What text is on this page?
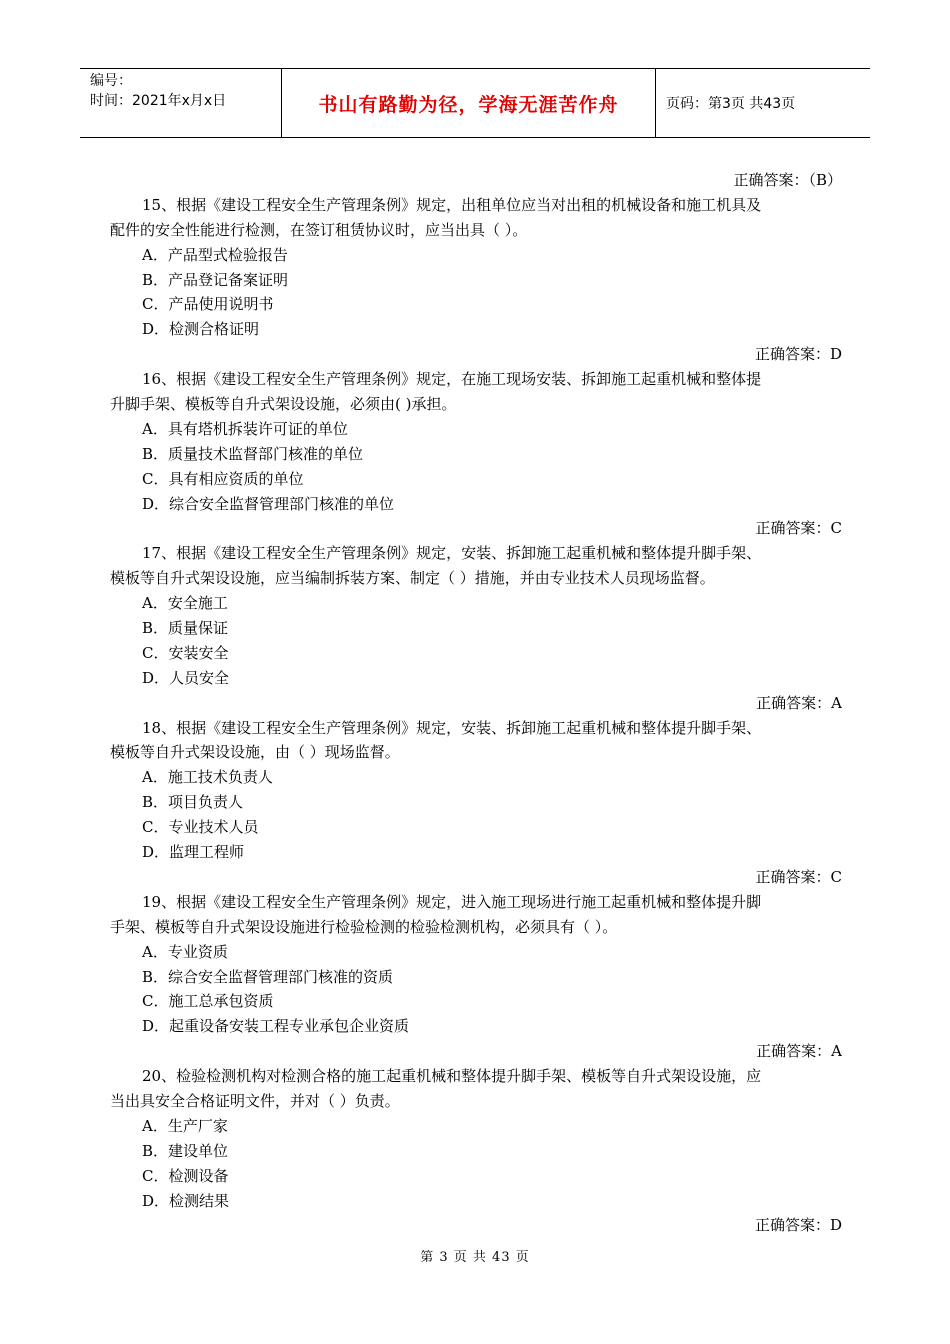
编号：
时间：2021年x月x日	书山有路勤为径，学海无涯苦作舟	页码：第3页 共43页
正确答案：（B）
15、根据《建设工程安全生产管理条例》规定，出租单位应当对出租的机械设备和施工机具及
配件的安全性能进行检测，在签订租赁协议时，应当出具（ ）。
A．产品型式检验报告
B．产品登记备案证明
C．产品使用说明书
D．检测合格证明
正确答案：D
16、根据《建设工程安全生产管理条例》规定，在施工现场安装、拆卸施工起重机械和整体提
升脚手架、模板等自升式架设设施，必须由( )承担。
A．具有塔机拆装许可证的单位
B．质量技术监督部门核准的单位
C．具有相应资质的单位
D．综合安全监督管理部门核准的单位
正确答案：C
17、根据《建设工程安全生产管理条例》规定，安装、拆卸施工起重机械和整体提升脚手架、
模板等自升式架设设施，应当编制拆装方案、制定（ ）措施，并由专业技术人员现场监督。
A．安全施工
B．质量保证
C．安装安全
D．人员安全
正确答案：A
18、根据《建设工程安全生产管理条例》规定，安装、拆卸施工起重机械和整体提升脚手架、
模板等自升式架设设施，由（ ）现场监督。
A．施工技术负责人
B．项目负责人
C．专业技术人员
D．监理工程师
正确答案：C
19、根据《建设工程安全生产管理条例》规定，进入施工现场进行施工起重机械和整体提升脚
手架、模板等自升式架设设施进行检验检测的检验检测机构，必须具有（ ）。
A．专业资质
B．综合安全监督管理部门核准的资质
C．施工总承包资质
D．起重设备安装工程专业承包企业资质
正确答案：A
20、检验检测机构对检测合格的施工起重机械和整体提升脚手架、模板等自升式架设设施，应
当出具安全合格证明文件，并对（ ）负责。
A．生产厂家
B．建设单位
C．检测设备
D．检测结果
正确答案：D
第 3 页 共 43 页
